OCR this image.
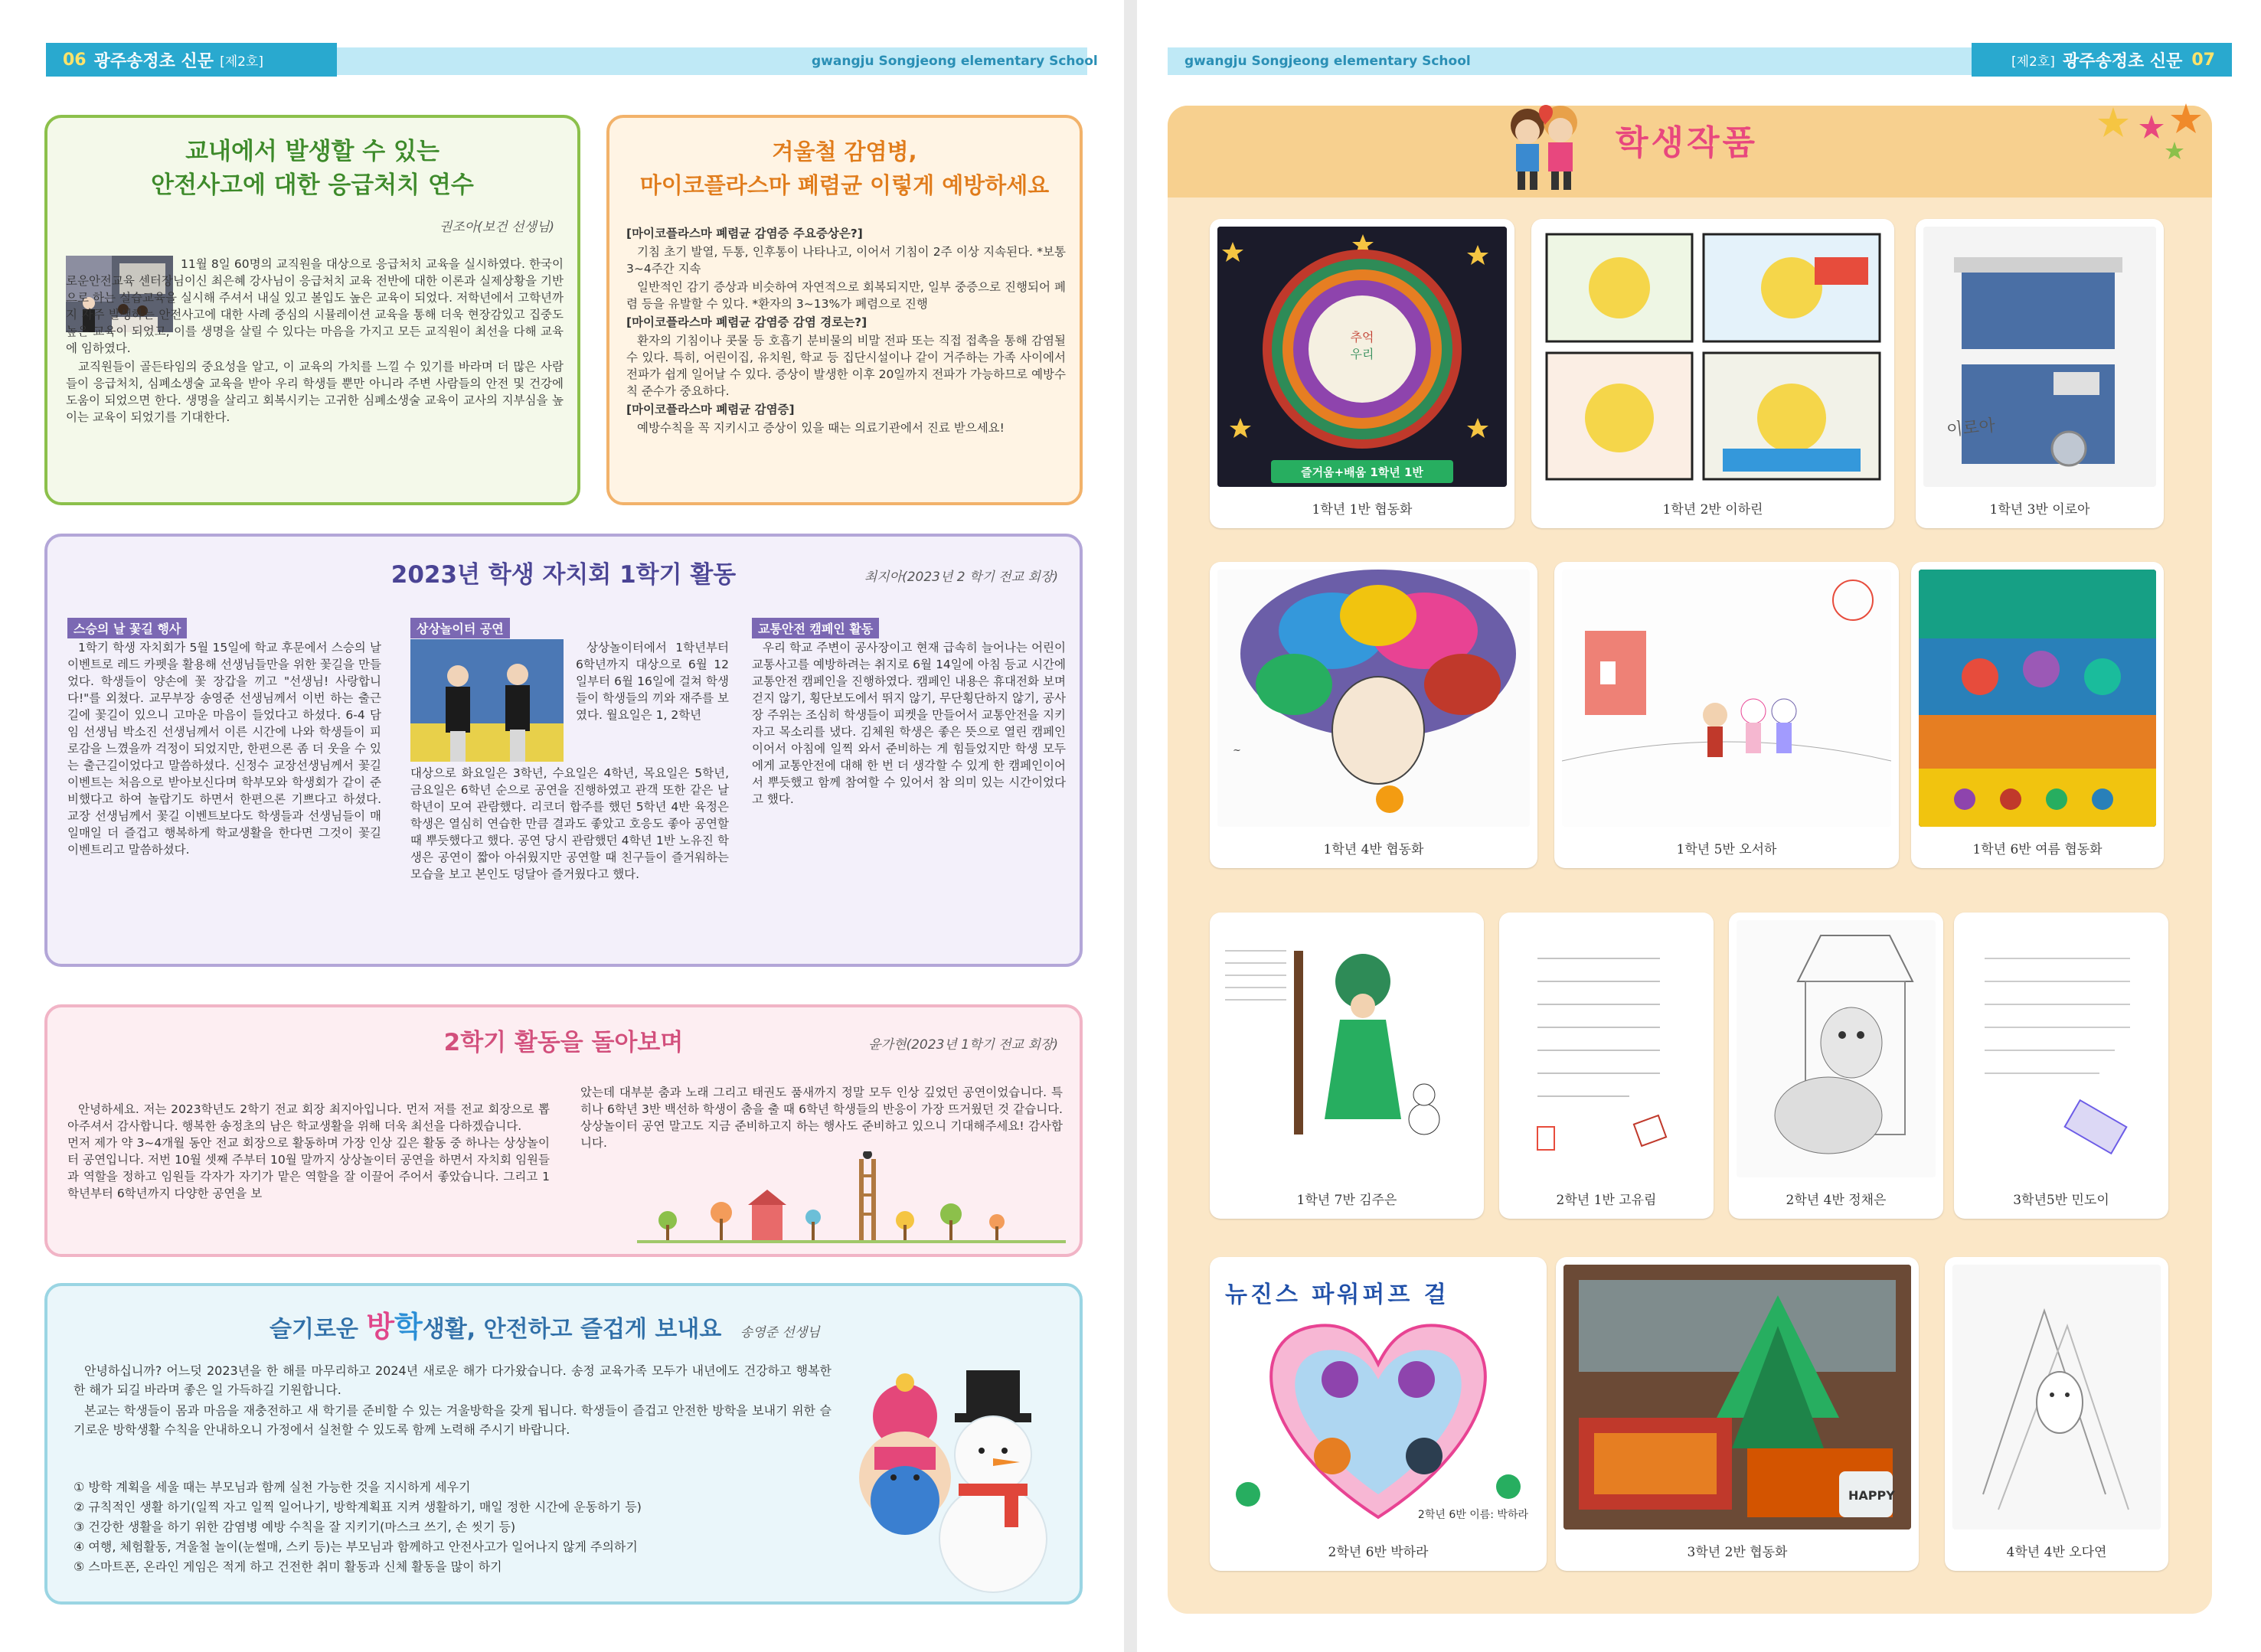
06 광주송정초 신문 [제2호]	gwangju Songjeong elementary School
교내에서 발생할 수 있는
안전사고에 대한 응급처치 연수
권조아(보건 선생님)

11월 8일 60명의 교직원을 대상으로 응급처치 교육을 실시하였다. 한국이로운안전교육 센터장님이신 최은혜 강사님이 응급처치 교육 전반에 대한 이론과 실제상황을 기반으로 하는 실습교육을 실시해 주셔서 내실 있고 볼입도 높은 교육이 되었다. 저학년에서 고학년까지 자주 발생하는 안전사고에 대한 사례 중심의 시뮬레이션 교육을 통해 더욱 현장감있고 집중도 높은 교육이 되었고, 이를 생명을 살릴 수 있다는 마음을 가지고 모든 교직원이 최선을 다해 교육에 임하였다.

교직원들이 골든타임의 중요성을 알고, 이 교육의 가치를 느낄 수 있기를 바라며 더 많은 사람들이 응급처치, 심폐소생술 교육을 받아 우리 학생들 뿐만 아니라 주변 사람들의 안전 및 건강에 도움이 되었으면 한다. 생명을 살리고 회복시키는 고귀한 심폐소생술 교육이 교사의 지부심을 높이는 교육이 되었기를 기대한다.

겨울철 감염병,
마이코플라스마 폐렴균 이렇게 예방하세요

[마이코플라스마 폐렴균 감염증 주요증상은?]

기침 초기 발열, 두통, 인후통이 나타나고, 이어서 기침이 2주 이상 지속된다. *보통 3~4주간 지속

일반적인 감기 증상과 비슷하여 자연적으로 회복되지만, 일부 중증으로 진행되어 폐렴 등을 유발할 수 있다. *환자의 3~13%가 폐렴으로 진행

[마이코플라스마 폐렴균 감염증 감염 경로는?]

환자의 기침이나 콧물 등 호흡기 분비물의 비말 전파 또는 직접 접촉을 통해 감염될 수 있다. 특히, 어린이집, 유치원, 학교 등 집단시설이나 같이 거주하는 가족 사이에서 전파가 쉽게 일어날 수 있다. 증상이 발생한 이후 20일까지 전파가 가능하므로 예방수칙 준수가 중요하다.

[마이코플라스마 폐렴균 감염증]

예방수칙을 꼭 지키시고 증상이 있을 때는 의료기관에서 진료 받으세요!

2023년 학생 자치회 1학기 활동	최지아(2023년 2 학기 전교 회장)
스승의 날 꽃길 행사

1학기 학생 자치회가 5월 15일에 학교 후문에서 스승의 날 이벤트로 레드 카펫을 활용해 선생님들만을 위한 꽃길을 만들었다. 학생들이 양손에 꽃 장갑을 끼고 "선생님! 사랑합니다!"를 외쳤다. 교무부장 송영준 선생님께서 이번 하는 출근길에 꽃길이 있으니 고마운 마음이 들었다고 하셨다. 6-4 담임 선생님 박소진 선생님께서 이른 시간에 나와 학생들이 피로감을 느꼈을까 걱정이 되었지만, 한편으론 좀 더 웃을 수 있는 출근길이었다고 말씀하셨다. 신정수 교장선생님께서 꽃길 이벤트는 처음으로 받아보신다며 학부모와 학생회가 같이 준비했다고 하여 놀랍기도 하면서 한편으론 기쁘다고 하셨다. 교장 선생님께서 꽃길 이벤트보다도 학생들과 선생님들이 매일매일 더 즐겁고 행복하게 학교생활을 한다면 그것이 꽃길 이벤트리고 말씀하셨다.

상상놀이터 공연

상상놀이터에서 1학년부터 6학년까지 대상으로 6월 12일부터 6월 16일에 걸쳐 학생들이 학생들의 끼와 재주를 보였다. 월요일은 1, 2학년

대상으로 화요일은 3학년, 수요일은 4학년, 목요일은 5학년, 금요일은 6학년 순으로 공연을 진행하였고 관객 또한 같은 날 학년이 모여 관람했다. 리코더 합주를 했던 5학년 4반 육정은 학생은 열심히 연습한 만큼 결과도 좋았고 호응도 좋아 공연할 때 뿌듯했다고 했다. 공연 당시 관람했던 4학년 1반 노유진 학생은 공연이 짧아 아쉬웠지만 공연할 때 친구들이 즐거워하는 모습을 보고 본인도 덩달아 즐거웠다고 했다.

교통안전 캠페인 활동

우리 학교 주변이 공사장이고 현재 급속히 늘어나는 어린이 교통사고를 예방하려는 취지로 6월 14일에 아침 등교 시간에 교통안전 캠페인을 진행하였다. 캠페인 내용은 휴대전화 보며 걷지 않기, 횡단보도에서 뛰지 않기, 무단횡단하지 않기, 공사장 주위는 조심히 학생들이 피켓을 만들어서 교통안전을 지키자고 목소리를 냈다. 김체원 학생은 좋은 뜻으로 열린 캠페인이어서 아침에 일찍 와서 준비하는 게 힘들었지만 학생 모두에게 교통안전에 대해 한 번 더 생각할 수 있게 한 캠페인이어서 뿌듯했고 함께 참여할 수 있어서 참 의미 있는 시간이었다고 했다.

2학기 활동을 돌아보며	윤가현(2023년 1학기 전교 회장)

안녕하세요. 저는 2023학년도 2학기 전교 회장 최지아입니다. 먼저 저를 전교 회장으로 뽑아주셔서 감사합니다. 행복한 송정초의 남은 학교생활을 위해 더욱 최선을 다하겠습니다.
먼저 제가 약 3~4개월 동안 전교 회장으로 활동하며 가장 인상 깊은 활동 중 하나는 상상놀이터 공연입니다. 저번 10월 셋째 주부터 10월 말까지 상상놀이터 공연을 하면서 자치회 임원들과 역할을 정하고 임원들 각자가 자기가 맡은 역할을 잘 이끌어 주어서 좋았습니다. 그리고 1학년부터 6학년까지 다양한 공연을 보

았는데 대부분 춤과 노래 그리고 태권도 품새까지 정말 모두 인상 깊었던 공연이었습니다. 특히나 6학년 3반 백선하 학생이 춤을 출 때 6학년 학생들의 반응이 가장 뜨거웠던 것 같습니다. 상상놀이터 공연 말고도 지금 준비하고지 하는 행사도 준비하고 있으니 기대해주세요! 감사합니다.

슬기로운 방학생활, 안전하고 즐겁게 보내요 송영준 선생님

안녕하십니까? 어느덧 2023년을 한 해를 마무리하고 2024년 새로운 해가 다가왔습니다. 송정 교육가족 모두가 내년에도 건강하고 행복한 한 해가 되길 바라며 좋은 일 가득하길 기원합니다.

본교는 학생들이 몸과 마음을 재충전하고 새 학기를 준비할 수 있는 겨울방학을 갖게 됩니다. 학생들이 즐겁고 안전한 방학을 보내기 위한 슬기로운 방학생활 수칙을 안내하오니 가정에서 실천할 수 있도록 함께 노력해 주시기 바랍니다.

① 방학 계획을 세울 때는 부모님과 함께 실천 가능한 것을 지시하게 세우기
② 규칙적인 생활 하기(일찍 자고 일찍 일어나기, 방학계획표 지켜 생활하기, 매일 정한 시간에 운동하기 등)
③ 건강한 생활을 하기 위한 감염병 예방 수칙을 잘 지키기(마스크 쓰기, 손 씻기 등)
④ 여행, 체험활동, 겨울철 놀이(눈썰매, 스키 등)는 부모님과 함께하고 안전사고가 일어나지 않게 주의하기
⑤ 스마트폰, 온라인 게임은 적게 하고 건전한 취미 활동과 신체 활동을 많이 하기
gwangju Songjeong elementary School	[제2호] 광주송정초 신문 07
학생작품
추억
우리
즐거움+배움 1학년 1반
1학년 1반 협동화	1학년 2반 이하린
이로아
1학년 3반 이로아
~
1학년 4반 협동화	1학년 5반 오서하	1학년 6반 여름 협동화
1학년 7반 김주은	2학년 1반 고유림	2학년 4반 정채은	3학년5반 민도이
뉴진스 파워퍼프 걸
2학년 6반 이름: 박하라
2학년 6반 박하라
HAPPY
3학년 2반 협동화	4학년 4반 오다연
